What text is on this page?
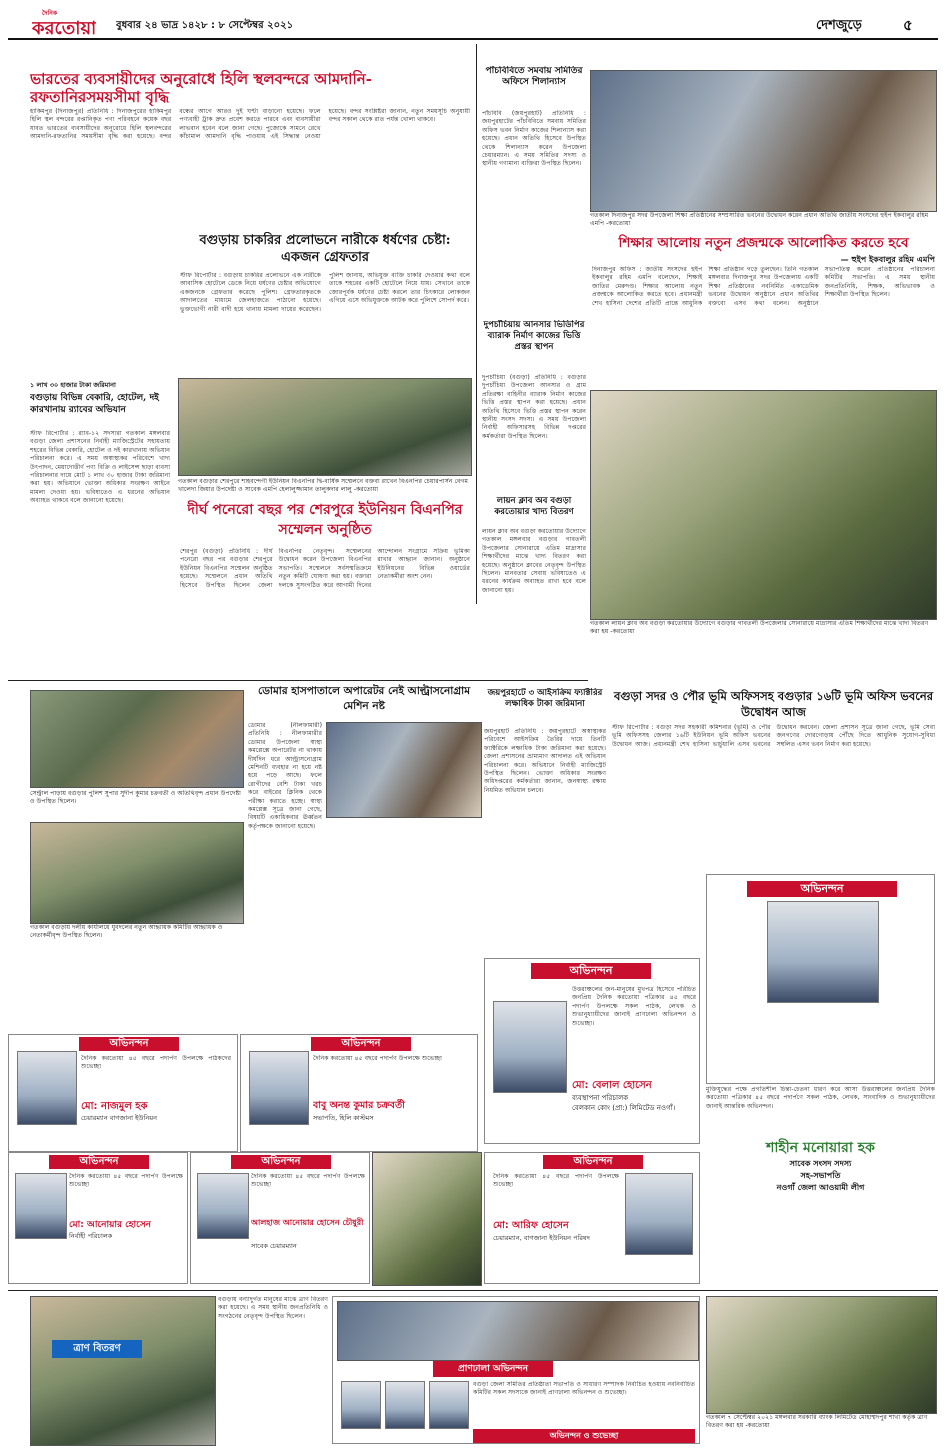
দৈনিক
করতোয়া বুধবার ২৪ ভাদ্র ১৪২৮ : ৮ সেপ্টেম্বর ২০২১	দেশজুড়ে	৫
ভারতের ব্যবসায়ীদের অনুরোধে হিলি স্থলবন্দরে আমদানি-রফতানিরসময়সীমা বৃদ্ধি
হাকিমপুর (দিনাজপুর) প্রতিনিধি : দিনাজপুরের হাকিমপুর হিলি স্থল বন্দরের রপ্তানিকৃত পণ্য পরিবহনে কয়েক বছর যাবত ভারতের ব্যবসায়ীদের অনুরোধে হিলি স্থলবন্দরের আমদানি-রফতানির সময়সীমা বৃদ্ধি করা হয়েছে। বন্দর বন্ধের আগে আরও দুই ঘণ্টা বাড়ানো হয়েছে। ফলে পণ্যবাহী ট্রাক দ্রুত প্রবেশ করতে পারবে এবং ব্যবসায়ীরা লাভবান হবেন বলে জানা গেছে। পুজোকে সামনে রেখে কাঁচামাল আমদানি বৃদ্ধি পাওয়ায় এই সিদ্ধান্ত নেওয়া হয়েছে। বন্দর সংশ্লিষ্টরা জানান, নতুন সময়সূচি অনুযায়ী বন্দর সকাল থেকে রাত পর্যন্ত খোলা থাকবে।
পাঁচবিবিতে সমবায় সমিতির অফিসে শিলান্যাস
পাঁচবিবি (জয়পুরহাট) প্রতিনিধি : জয়পুরহাটের পাঁচবিবিতে সমবায় সমিতির অফিস ভবন নির্মাণ কাজের শিলান্যাস করা হয়েছে। প্রধান অতিথি হিসেবে উপস্থিত থেকে শিলান্যাস করেন উপজেলা চেয়ারম্যান। এ সময় সমিতির সদস্য ও স্থানীয় গণ্যমান্য ব্যক্তিরা উপস্থিত ছিলেন।
বগুড়ায় চাকরির প্রলোভনে নারীকে ধর্ষণের চেষ্টা: একজন গ্রেফতার
স্টাফ রিপোর্টার : বগুড়ায় চাকরির প্রলোভনে এক নারীকে আবাসিক হোটেলে ডেকে নিয়ে ধর্ষণের চেষ্টার অভিযোগে একজনকে গ্রেফতার করেছে পুলিশ। গ্রেফতারকৃতকে আদালতের মাধ্যমে জেলহাজতে পাঠানো হয়েছে। ভুক্তভোগী নারী বাদী হয়ে থানায় মামলা দায়ের করেছেন। পুলিশ জানায়, অভিযুক্ত ব্যক্তি চাকরি দেওয়ার কথা বলে তাকে শহরের একটি হোটেলে নিয়ে যায়। সেখানে তাকে জোরপূর্বক ধর্ষণের চেষ্টা করলে তার চিৎকারে লোকজন এগিয়ে এসে অভিযুক্তকে আটক করে পুলিশে সোপর্দ করে।
১ লাখ ৩০ হাজার টাকা জরিমানা
বগুড়ায় বিভিন্ন বেকারি, হোটেল, দই কারখানায় র‍্যাবের অভিযান
স্টাফ রিপোর্টার : র‍্যাব-১২ সদস্যরা গতকাল মঙ্গলবার বগুড়া জেলা প্রশাসনের নির্বাহী ম্যাজিস্ট্রেটের সহায়তায় শহরের বিভিন্ন বেকারি, হোটেল ও দই কারখানায় অভিযান পরিচালনা করে। এ সময় অস্বাস্থ্যকর পরিবেশে খাদ্য উৎপাদন, মেয়াদোত্তীর্ণ পণ্য বিক্রি ও লাইসেন্স ছাড়া ব্যবসা পরিচালনার দায়ে মোট ১ লাখ ৩০ হাজার টাকা জরিমানা করা হয়। অভিযানে ভোক্তা অধিকার সংরক্ষণ আইনে মামলা দেওয়া হয়। ভবিষ্যতেও এ ধরনের অভিযান অব্যাহত থাকবে বলে জানানো হয়েছে।
গতকাল বগুড়ার শেরপুরে শাহবন্দেগী ইউনিয়ন বিএনপির দ্বি-বার্ষিক সম্মেলনে বক্তব্য রাখেন বিএনপির চেয়ারপার্সন বেগম খালেদা জিয়ার উপদেষ্টা ও সাবেক এমপি হেলালুজ্জামান তালুকদার লালু -করতোয়া
দীর্ঘ পনেরো বছর পর শেরপুরে ইউনিয়ন বিএনপির সম্মেলন অনুষ্ঠিত
শেরপুর (বগুড়া) প্রতিনিধি : দীর্ঘ পনেরো বছর পর বগুড়ার শেরপুরে ইউনিয়ন বিএনপির সম্মেলন অনুষ্ঠিত হয়েছে। সম্মেলনে প্রধান অতিথি হিসেবে উপস্থিত ছিলেন জেলা বিএনপির নেতৃবৃন্দ। সম্মেলনের উদ্বোধন করেন উপজেলা বিএনপির সভাপতি। সম্মেলনে সর্বসম্মতিক্রমে নতুন কমিটি ঘোষণা করা হয়। বক্তারা দলকে সুসংগঠিত করে আগামী দিনের আন্দোলন সংগ্রামে সক্রিয় ভূমিকা রাখার আহ্বান জানান। অনুষ্ঠানে ইউনিয়নের বিভিন্ন ওয়ার্ডের নেতাকর্মীরা অংশ নেন।
দুপচাঁচিয়ায় আনসার ভিডিপির ব্যারাক নির্মাণ কাজের ভিত্তি প্রস্তর স্থাপন
দুপচাঁচিয়া (বগুড়া) প্রতিনিধি : বগুড়ার দুপচাঁচিয়া উপজেলা আনসার ও গ্রাম প্রতিরক্ষা বাহিনীর ব্যারাক নির্মাণ কাজের ভিত্তি প্রস্তর স্থাপন করা হয়েছে। প্রধান অতিথি হিসেবে ভিত্তি প্রস্তর স্থাপন করেন স্থানীয় সংসদ সদস্য। এ সময় উপজেলা নির্বাহী অফিসারসহ বিভিন্ন দপ্তরের কর্মকর্তারা উপস্থিত ছিলেন।
লায়ন ক্লাব অব বগুড়া করতোয়ার খাদ্য বিতরণ
লায়ন ক্লাব অব বগুড়া করতোয়ার উদ্যোগে গতকাল মঙ্গলবার বগুড়ার গাবতলী উপজেলার সোনারায়ে এতিম মাদ্রাসার শিক্ষার্থীদের মাঝে খাদ্য বিতরণ করা হয়েছে। অনুষ্ঠানে ক্লাবের নেতৃবৃন্দ উপস্থিত ছিলেন। মানবতার সেবায় ভবিষ্যতেও এ ধরনের কার্যক্রম অব্যাহত রাখা হবে বলে জানানো হয়।
গতকাল দিনাজপুর সদর উপজেলা শিক্ষা প্রতিষ্ঠানের সম্প্রসারিত ভবনের উদ্বোধন করেন প্রধান অতিথি জাতীয় সংসদের হুইপ ইকবালুর রহিম এমপি -করতোয়া
শিক্ষার আলোয় নতুন প্রজন্মকে আলোকিত করতে হবে
— হুইপ ইকবালুর রহিম এমপি
দিনাজপুর অফিস : জাতীয় সংসদের হুইপ ইকবালুর রহিম এমপি বলেছেন, শিক্ষাই জাতির মেরুদণ্ড। শিক্ষার আলোয় নতুন প্রজন্মকে আলোকিত করতে হবে। প্রধানমন্ত্রী শেখ হাসিনা দেশের প্রতিটি প্রান্তে আধুনিক শিক্ষা প্রতিষ্ঠান গড়ে তুলছেন। তিনি গতকাল মঙ্গলবার দিনাজপুর সদর উপজেলায় একটি শিক্ষা প্রতিষ্ঠানের নবনির্মিত একাডেমিক ভবনের উদ্বোধন অনুষ্ঠানে প্রধান অতিথির বক্তব্যে এসব কথা বলেন। অনুষ্ঠানে সভাপতিত্ব করেন প্রতিষ্ঠানের পরিচালনা কমিটির সভাপতি। এ সময় স্থানীয় জনপ্রতিনিধি, শিক্ষক, অভিভাবক ও শিক্ষার্থীরা উপস্থিত ছিলেন।
গতকাল লায়ন ক্লাব অব বগুড়া করতোয়ার উদ্যোগে বগুড়ার গাবতলী উপজেলার সোনারায়ে মাদ্রাসার এতিম শিক্ষার্থীদের মাঝে খাদ্য বিতরণ করা হয় -করতোয়া
ডোমার হাসপাতালে অপারেটর নেই আল্ট্রাসনোগ্রাম মেশিন নষ্ট
ডোমার (নীলফামারী) প্রতিনিধি : নীলফামারীর ডোমার উপজেলা স্বাস্থ্য কমপ্লেক্সে অপারেটর না থাকায় দীর্ঘদিন ধরে আল্ট্রাসনোগ্রাম মেশিনটি ব্যবহার না হয়ে নষ্ট হয়ে পড়ে আছে। ফলে রোগীদের বেশি টাকা খরচ করে বাইরের ক্লিনিক থেকে পরীক্ষা করাতে হচ্ছে। স্বাস্থ্য কমপ্লেক্স সূত্রে জানা গেছে, বিষয়টি একাধিকবার ঊর্ধ্বতন কর্তৃপক্ষকে জানানো হয়েছে।
সেন্ট্রাল পাড়ায় বগুড়ার পুলিশ সুপার সুদীপ কুমার চক্রবর্তী ও অতিথিবৃন্দ প্রধান উপদেষ্টা ও উপস্থিত ছিলেন।
গতকাল বগুড়ায় দলীয় কার্যালয়ে যুবদলের নতুন আহ্বায়ক কমিটির আহ্বায়ক ও নেতাকর্মীবৃন্দ উপস্থিত ছিলেন।
জয়পুরহাটে ৩ আইসক্রিম ফ্যাক্টরির লক্ষাধিক টাকা জরিমানা
জয়পুরহাট প্রতিনিধি : জয়পুরহাটে অস্বাস্থ্যকর পরিবেশে আইসক্রিম তৈরির দায়ে তিনটি ফ্যাক্টরিকে লক্ষাধিক টাকা জরিমানা করা হয়েছে। জেলা প্রশাসনের ভ্রাম্যমাণ আদালত এই অভিযান পরিচালনা করে। অভিযানে নির্বাহী ম্যাজিস্ট্রেট উপস্থিত ছিলেন। ভোক্তা অধিকার সংরক্ষণ অধিদপ্তরের কর্মকর্তারা জানান, জনস্বাস্থ্য রক্ষায় নিয়মিত অভিযান চলবে।
বগুড়া সদর ও পৌর ভূমি অফিসসহ বগুড়ার ১৬টি ভূমি অফিস ভবনের উদ্বোধন আজ
স্টাফ রিপোর্টার : বগুড়া সদর সহকারী কমিশনার (ভূমি) ও পৌর ভূমি অফিসসহ জেলার ১৬টি ইউনিয়ন ভূমি অফিস ভবনের উদ্বোধন আজ। প্রধানমন্ত্রী শেখ হাসিনা ভার্চুয়ালি এসব ভবনের উদ্বোধন করবেন। জেলা প্রশাসন সূত্রে জানা গেছে, ভূমি সেবা জনগণের দোরগোড়ায় পৌঁছে দিতে আধুনিক সুযোগ-সুবিধা সম্বলিত এসব ভবন নির্মাণ করা হয়েছে।
অভিনন্দন
মুক্তিযুদ্ধের পক্ষে প্রগতিশীল চিন্তা-চেতনা ধারণ করে আসা উত্তরাঞ্চলের জনপ্রিয় দৈনিক করতোয়া পত্রিকার ৪৫ বছরে পদার্পণে সকল পাঠক, লেখক, সাংবাদিক ও শুভানুধ্যায়ীদের জানাই আন্তরিক অভিনন্দন।
শাহীন মনোয়ারা হক
সাবেক সংসদ সদস্য
সহ-সভাপতি
নওগাঁ জেলা আওয়ামী লীগ
অভিনন্দন
উত্তরাঞ্চলের জন-মানুষের মুখপত্র হিসেবে পরিচিত জনপ্রিয় দৈনিক করতোয়া পত্রিকার ৪৫ বছরে পদার্পণ উপলক্ষে সকল পাঠক, লেখক ও শুভানুধ্যায়ীদের জানাই প্রাণঢালা অভিনন্দন ও শুভেচ্ছা।
মো: বেলাল হোসেন
ব্যবস্থাপনা পরিচালক
বেলকান কোং (প্রা:) লিমিটেড নওগাঁ।
অভিনন্দন
দৈনিক করতোয়া ৪৫ বছরে পদার্পণ উপলক্ষে পাঠকদের শুভেচ্ছা
মো: নাজমুল হক
চেয়ারম্যান বাগজানা ইউনিয়ন
অভিনন্দন
দৈনিক করতোয়া ৪৫ বছরে পদার্পণ উপলক্ষে শুভেচ্ছা
বাবু অনন্ত কুমার চক্রবর্তী
সভাপতি, হিলি কাস্টমস
অভিনন্দন
দৈনিক করতোয়া ৪৫ বছরে পদার্পণ উপলক্ষে শুভেচ্ছা
মো: আনোয়ার হোসেন
নির্বাহী পরিচালক
অভিনন্দন
দৈনিক করতোয়া ৪৫ বছরে পদার্পণ উপলক্ষে শুভেচ্ছা
আলহাজ আনোয়ার হোসেন চৌধুরী
সাবেক চেয়ারম্যান
অভিনন্দন
দৈনিক করতোয়া ৪৫ বছরে পদার্পণ উপলক্ষে শুভেচ্ছা
মো: আরিফ হোসেন
চেয়ারম্যান, বাগজানা ইউনিয়ন পরিষদ
ত্রাণ বিতরণ
বগুড়ায় বন্যাদুর্গত মানুষের মাঝে ত্রাণ বিতরণ করা হয়েছে। এ সময় স্থানীয় জনপ্রতিনিধি ও সংগঠনের নেতৃবৃন্দ উপস্থিত ছিলেন।
প্রাণঢালা অভিনন্দন
বগুড়া জেলা সমিতির প্রতিষ্ঠাতা সভাপতি ও সাধারণ সম্পাদক নির্বাচিত হওয়ায় নবনির্বাচিত কমিটির সকল সদস্যকে জানাই প্রাণঢালা অভিনন্দন ও শুভেচ্ছা।
অভিনন্দন ও শুভেচ্ছা
গতকাল ৭ সেপ্টেম্বর ২০২১ মঙ্গলবার সরকারি ব্যাংক লিমিটেড মোহাম্মদপুর শাখা কর্তৃক ত্রাণ বিতরণ করা হয় -করতোয়া
